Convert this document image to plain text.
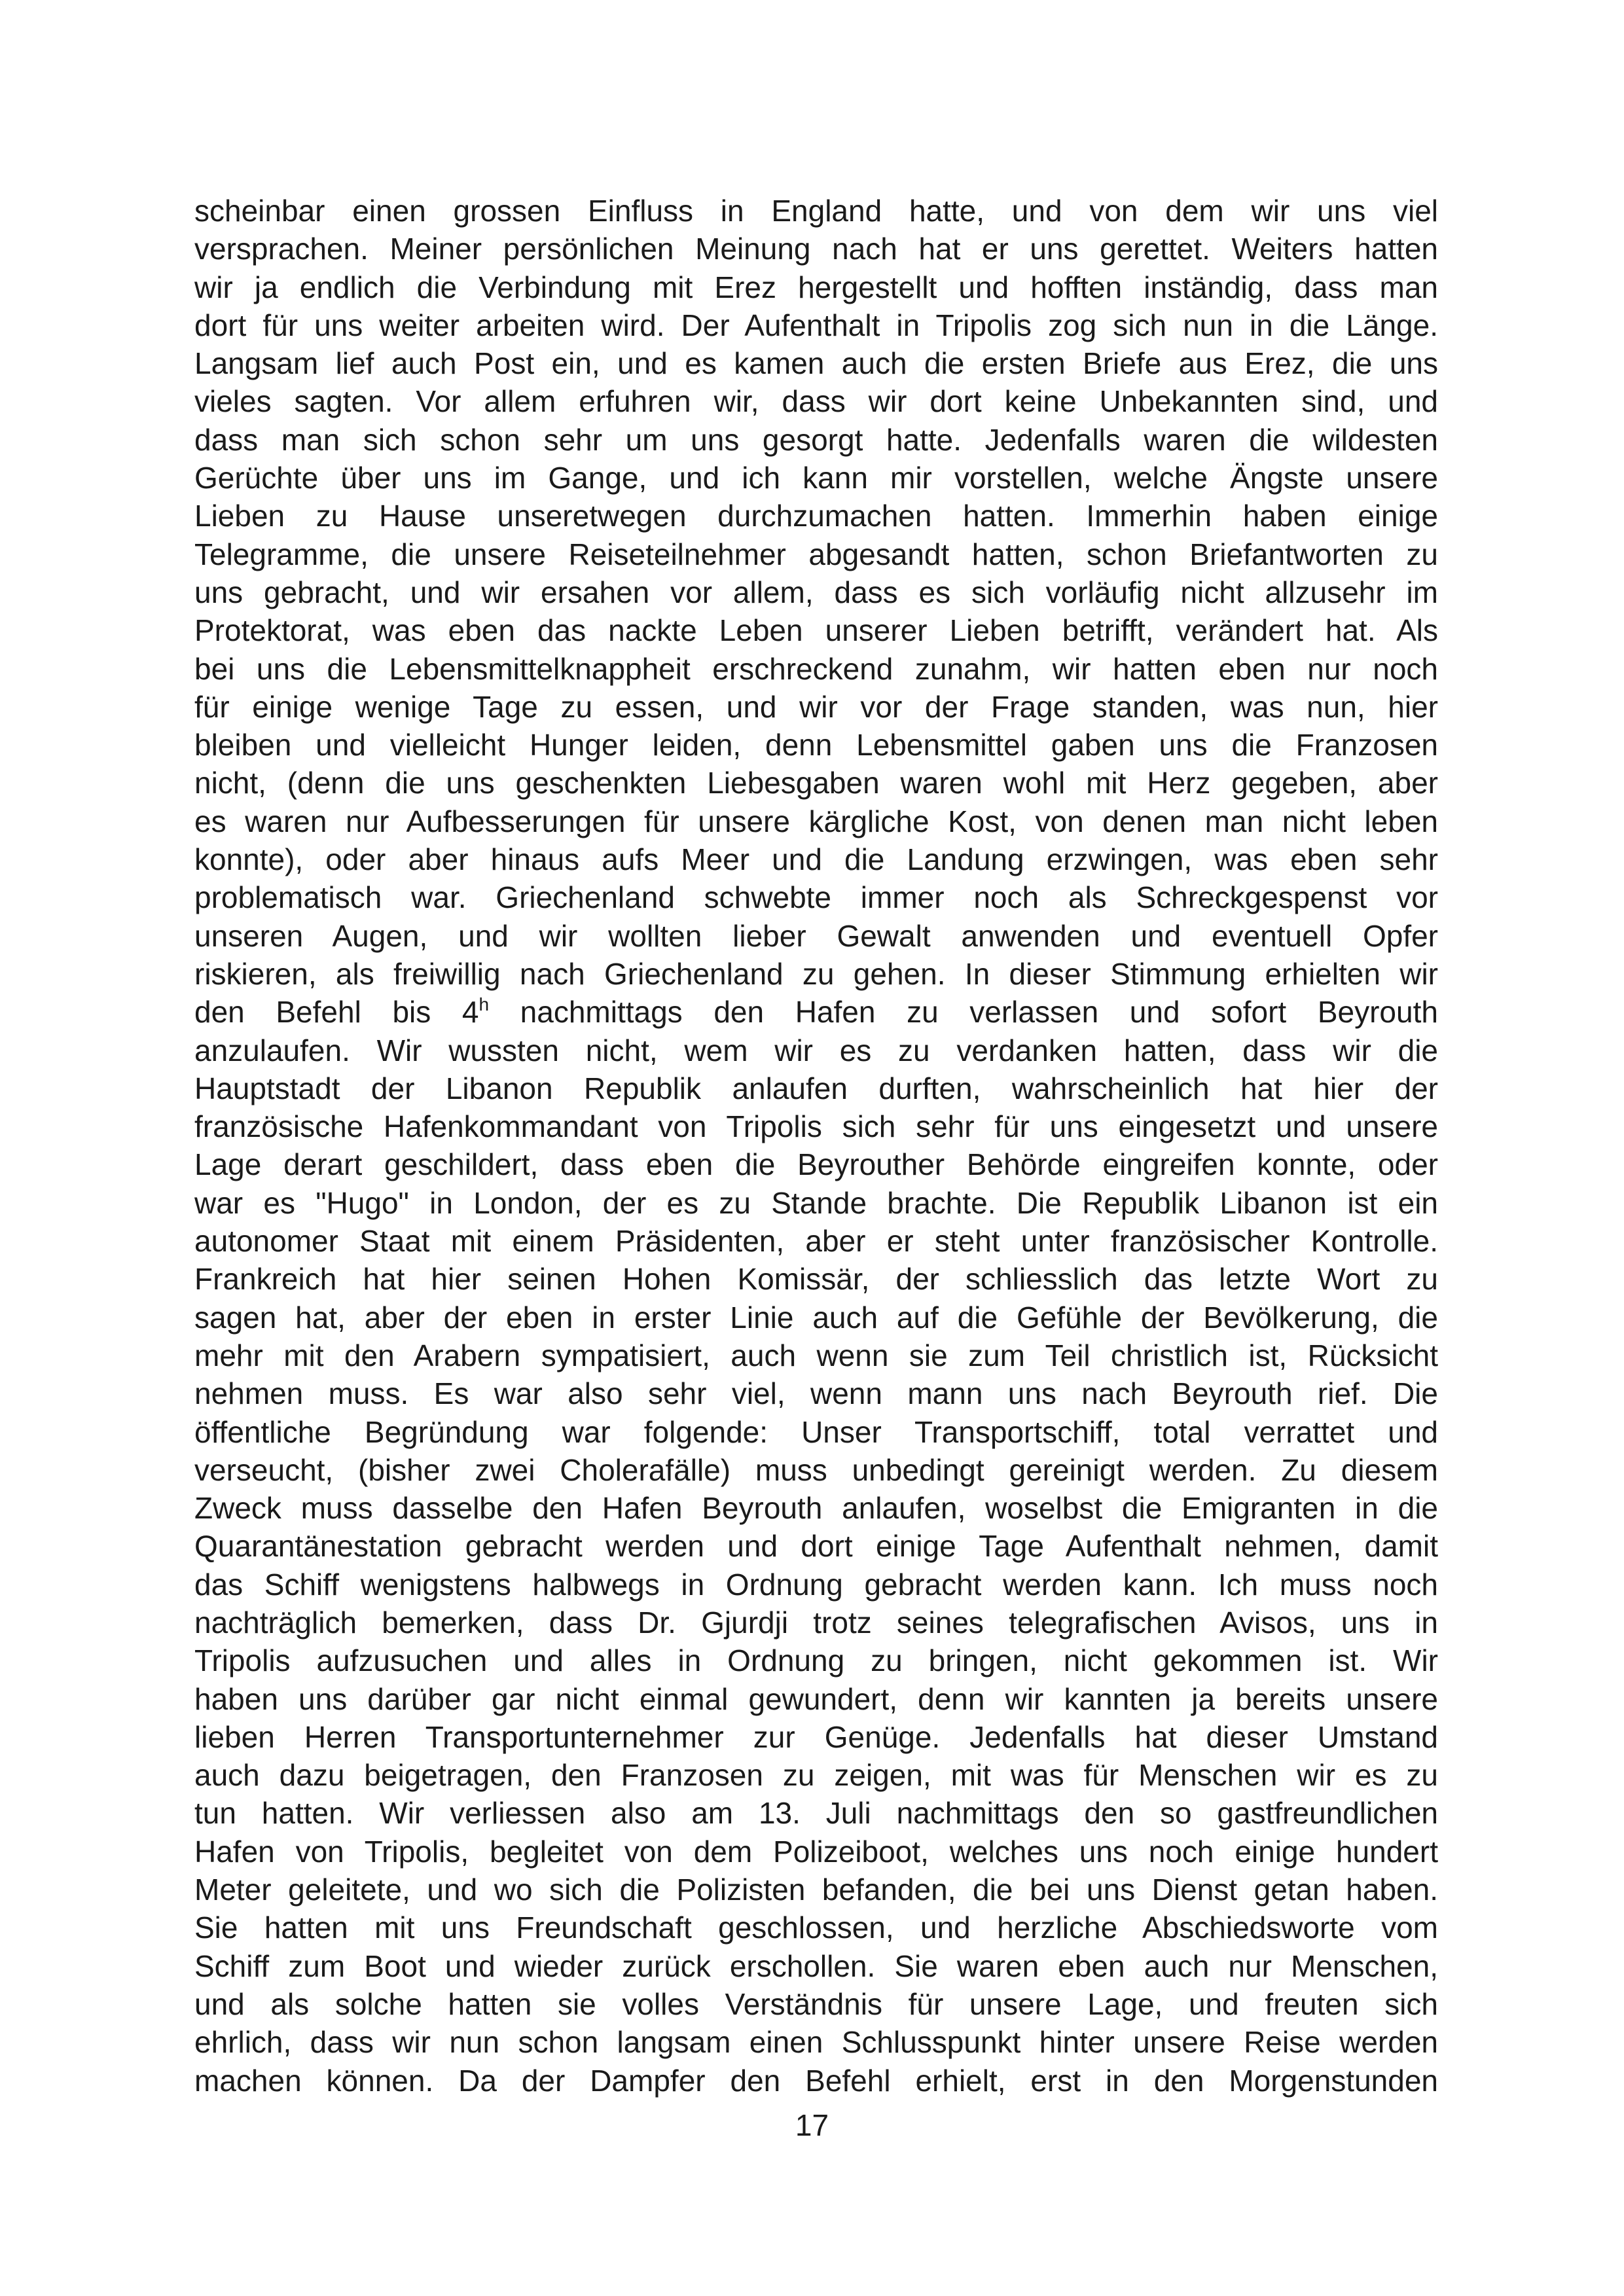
scheinbar einen grossen Einfluss in England hatte, und von dem wir uns viel
versprachen. Meiner persönlichen Meinung nach hat er uns gerettet. Weiters hatten
wir ja endlich die Verbindung mit Erez hergestellt und hofften inständig, dass man
dort für uns weiter arbeiten wird. Der Aufenthalt in Tripolis zog sich nun in die Länge.
Langsam lief auch Post ein, und es kamen auch die ersten Briefe aus Erez, die uns
vieles sagten. Vor allem erfuhren wir, dass wir dort keine Unbekannten sind, und
dass man sich schon sehr um uns gesorgt hatte. Jedenfalls waren die wildesten
Gerüchte über uns im Gange, und ich kann mir vorstellen, welche Ängste unsere
Lieben zu Hause unseretwegen durchzumachen hatten. Immerhin haben einige
Telegramme, die unsere Reiseteilnehmer abgesandt hatten, schon Briefantworten zu
uns gebracht, und wir ersahen vor allem, dass es sich vorläufig nicht allzusehr im
Protektorat, was eben das nackte Leben unserer Lieben betrifft, verändert hat. Als
bei uns die Lebensmittelknappheit erschreckend zunahm, wir hatten eben nur noch
für einige wenige Tage zu essen, und wir vor der Frage standen, was nun, hier
bleiben und vielleicht Hunger leiden, denn Lebensmittel gaben uns die Franzosen
nicht, (denn die uns geschenkten Liebesgaben waren wohl mit Herz gegeben, aber
es waren nur Aufbesserungen für unsere kärgliche Kost, von denen man nicht leben
konnte), oder aber hinaus aufs Meer und die Landung erzwingen, was eben sehr
problematisch war. Griechenland schwebte immer noch als Schreckgespenst vor
unseren Augen, und wir wollten lieber Gewalt anwenden und eventuell Opfer
riskieren, als freiwillig nach Griechenland zu gehen. In dieser Stimmung erhielten wir
den Befehl bis 4$^h$ nachmittags den Hafen zu verlassen und sofort Beyrouth
anzulaufen. Wir wussten nicht, wem wir es zu verdanken hatten, dass wir die
Hauptstadt der Libanon Republik anlaufen durften, wahrscheinlich hat hier der
französische Hafenkommandant von Tripolis sich sehr für uns eingesetzt und unsere
Lage derart geschildert, dass eben die Beyrouther Behörde eingreifen konnte, oder
war es "Hugo" in London, der es zu Stande brachte. Die Republik Libanon ist ein
autonomer Staat mit einem Präsidenten, aber er steht unter französischer Kontrolle.
Frankreich hat hier seinen Hohen Komissär, der schliesslich das letzte Wort zu
sagen hat, aber der eben in erster Linie auch auf die Gefühle der Bevölkerung, die
mehr mit den Arabern sympatisiert, auch wenn sie zum Teil christlich ist, Rücksicht
nehmen muss. Es war also sehr viel, wenn mann uns nach Beyrouth rief. Die
öffentliche Begründung war folgende: Unser Transportschiff, total verrattet und
verseucht, (bisher zwei Cholerafälle) muss unbedingt gereinigt werden. Zu diesem
Zweck muss dasselbe den Hafen Beyrouth anlaufen, woselbst die Emigranten in die
Quarantänestation gebracht werden und dort einige Tage Aufenthalt nehmen, damit
das Schiff wenigstens halbwegs in Ordnung gebracht werden kann. Ich muss noch
nachträglich bemerken, dass Dr. Gjurdji trotz seines telegrafischen Avisos, uns in
Tripolis aufzusuchen und alles in Ordnung zu bringen, nicht gekommen ist. Wir
haben uns darüber gar nicht einmal gewundert, denn wir kannten ja bereits unsere
lieben Herren Transportunternehmer zur Genüge. Jedenfalls hat dieser Umstand
auch dazu beigetragen, den Franzosen zu zeigen, mit was für Menschen wir es zu
tun hatten. Wir verliessen also am 13. Juli nachmittags den so gastfreundlichen
Hafen von Tripolis, begleitet von dem Polizeiboot, welches uns noch einige hundert
Meter geleitete, und wo sich die Polizisten befanden, die bei uns Dienst getan haben.
Sie hatten mit uns Freundschaft geschlossen, und herzliche Abschiedsworte vom
Schiff zum Boot und wieder zurück erschollen. Sie waren eben auch nur Menschen,
und als solche hatten sie volles Verständnis für unsere Lage, und freuten sich
ehrlich, dass wir nun schon langsam einen Schlusspunkt hinter unsere Reise werden
machen können. Da der Dampfer den Befehl erhielt, erst in den Morgenstunden
17
